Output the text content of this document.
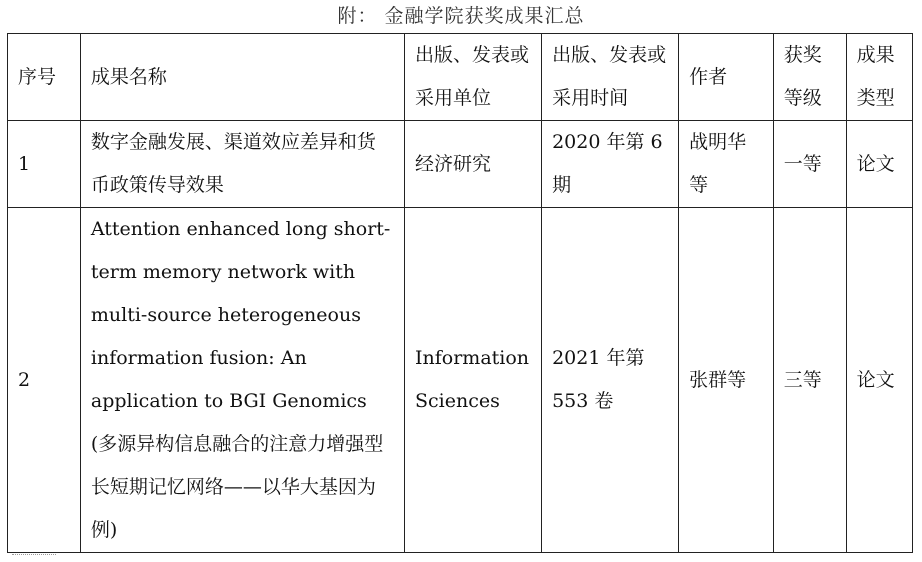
附： 金融学院获奖成果汇总
序号	成果名称	出版、发表或采用单位	出版、发表或采用时间	作者	获奖等级	成果类型
1	数字金融发展、渠道效应差异和货币政策传导效果	经济研究	2020 年第 6 期	战明华等	一等	论文
2	Attention enhanced long short-term memory network with multi-source heterogeneous information fusion: An application to BGI Genomics (多源异构信息融合的注意力增强型长短期记忆网络——以华大基因为例)	Information Sciences	2021 年第 553 卷	张群等	三等	论文
